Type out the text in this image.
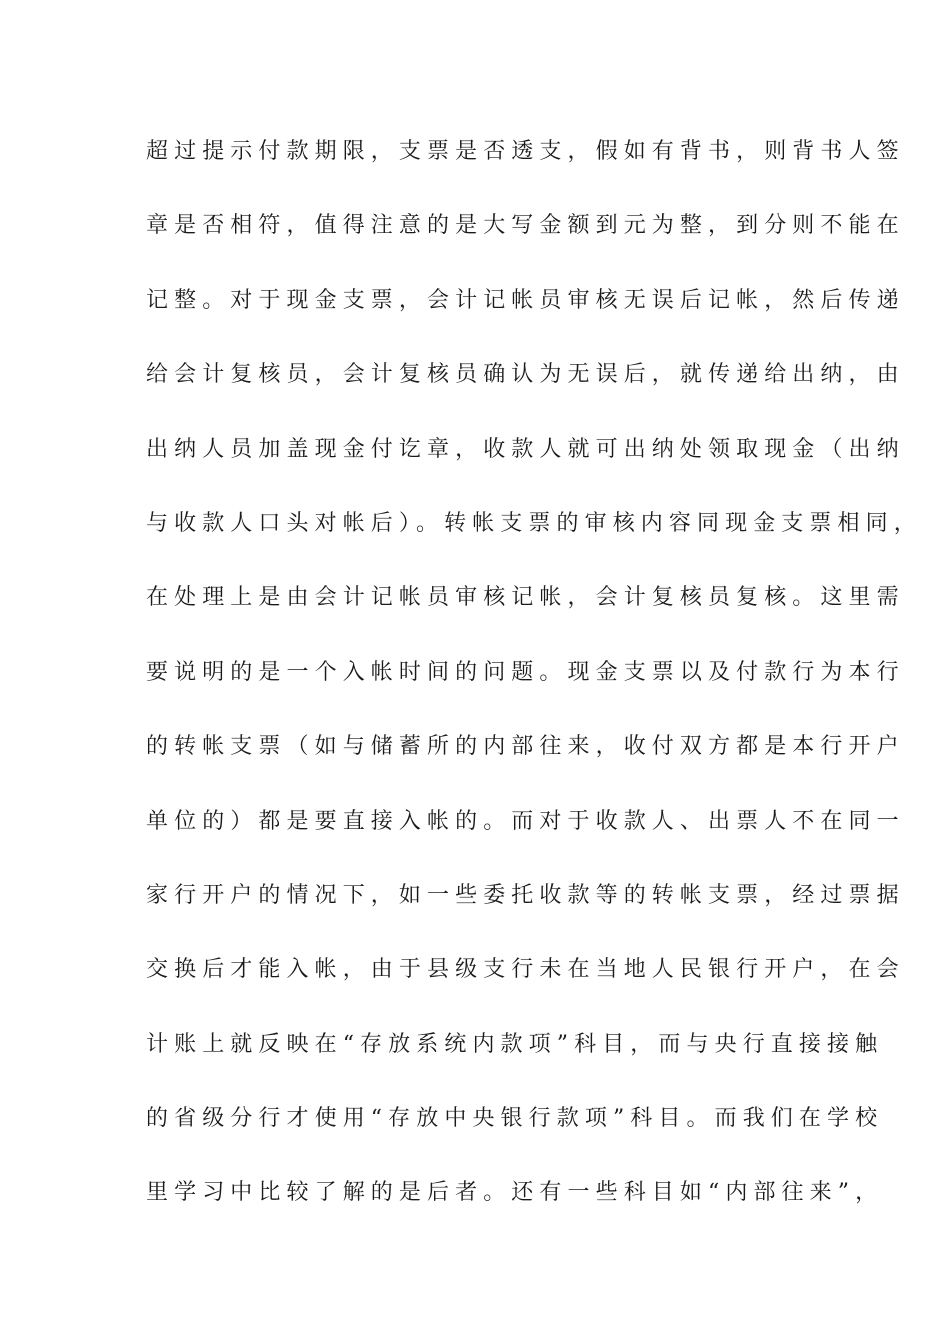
超过提示付款期限，支票是否透支，假如有背书，则背书人签
章是否相符，值得注意的是大写金额到元为整，到分则不能在
记整。对于现金支票，会计记帐员审核无误后记帐，然后传递
给会计复核员，会计复核员确认为无误后，就传递给出纳，由
出纳人员加盖现金付讫章，收款人就可出纳处领取现金（出纳
与收款人口头对帐后）。转帐支票的审核内容同现金支票相同，
在处理上是由会计记帐员审核记帐，会计复核员复核。这里需
要说明的是一个入帐时间的问题。现金支票以及付款行为本行
的转帐支票（如与储蓄所的内部往来，收付双方都是本行开户
单位的）都是要直接入帐的。而对于收款人、出票人不在同一
家行开户的情况下，如一些委托收款等的转帐支票，经过票据
交换后才能入帐，由于县级支行未在当地人民银行开户，在会
计账上就反映在“存放系统内款项”科目，而与央行直接接触
的省级分行才使用“存放中央银行款项”科目。而我们在学校
里学习中比较了解的是后者。还有一些科目如“内部往来”，
